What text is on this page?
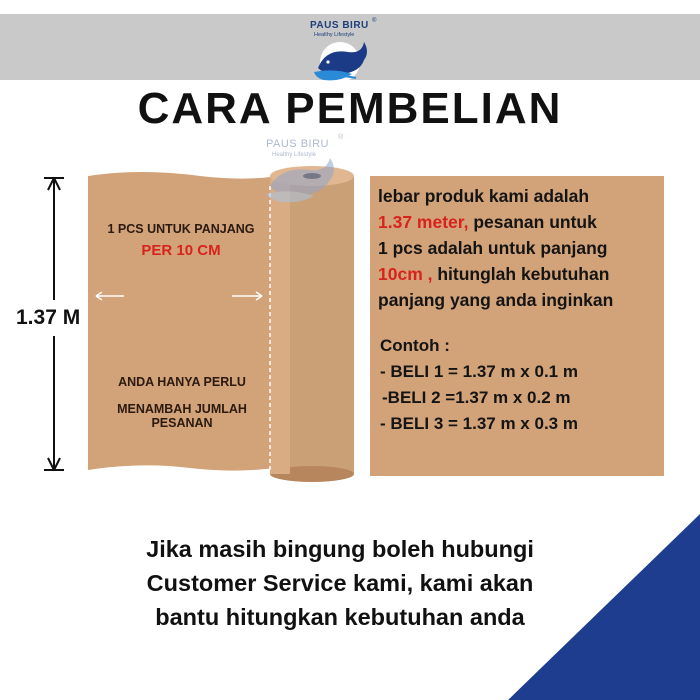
PAUS BIRU ®
Healthy Lifestyle
CARA PEMBELIAN
PAUS BIRU
®
Healthy Lifestyle
1.37 M
1 PCS UNTUK PANJANG
PER 10 CM
ANDA HANYA PERLU
MENAMBAH JUMLAH PESANAN
lebar produk kami adalah
1.37 meter, pesanan untuk
1 pcs adalah untuk panjang
10cm , hitunglah kebutuhan
panjang yang anda inginkan
Contoh :
- BELI 1 = 1.37 m x 0.1 m
-BELI 2 =1.37 m x 0.2 m
- BELI 3 = 1.37 m x 0.3 m
Jika masih bingung boleh hubungi
Customer Service kami, kami akan
bantu hitungkan kebutuhan anda
